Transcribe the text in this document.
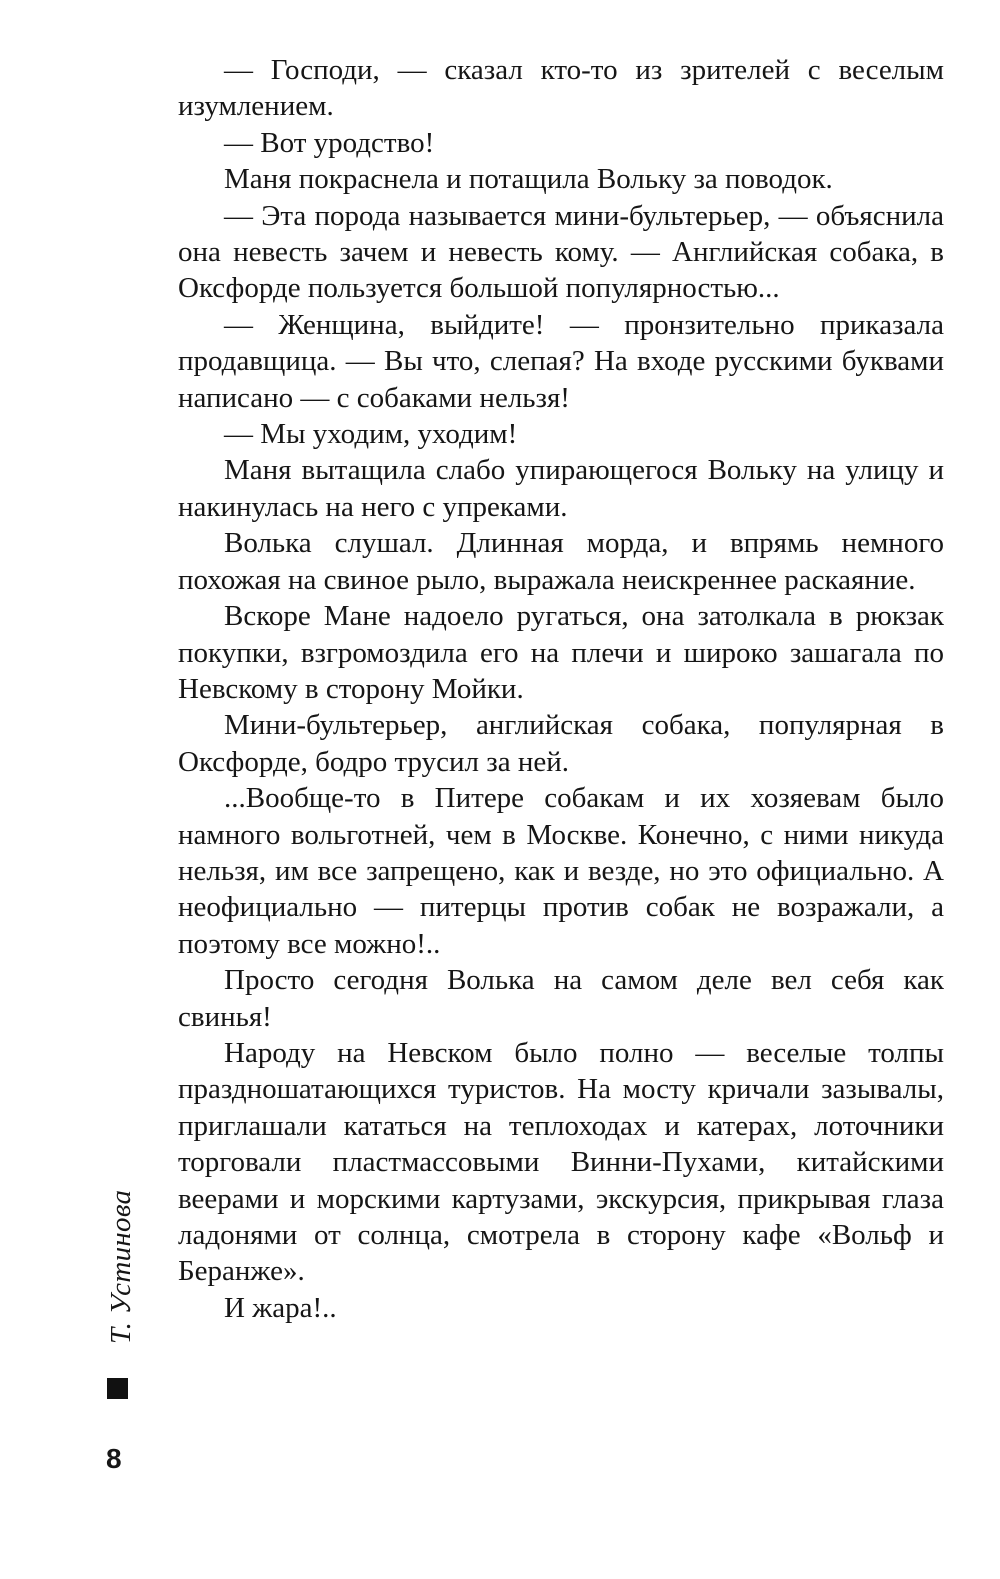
— Господи, — сказал кто-то из зрителей с веселым изумлением.

— Вот уродство!

Маня покраснела и потащила Вольку за поводок.

— Эта порода называется мини-бультерьер, — объяснила она невесть зачем и невесть кому. — Английская собака, в Оксфорде пользуется большой популярностью...

— Женщина, выйдите! — пронзительно приказала продавщица. — Вы что, слепая? На входе русскими буквами написано — с собаками нельзя!

— Мы уходим, уходим!

Маня вытащила слабо упирающегося Вольку на улицу и накинулась на него с упреками.

Волька слушал. Длинная морда, и впрямь немного похожая на свиное рыло, выражала неискреннее раскаяние.

Вскоре Мане надоело ругаться, она затолкала в рюкзак покупки, взгромоздила его на плечи и широко зашагала по Невскому в сторону Мойки.

Мини-бультерьер, английская собака, популярная в Оксфорде, бодро трусил за ней.

...Вообще-то в Питере собакам и их хозяевам было намного вольготней, чем в Москве. Конечно, с ними никуда нельзя, им все запрещено, как и везде, но это официально. А неофициально — питерцы против собак не возражали, а поэтому все можно!..

Просто сегодня Волька на самом деле вел себя как свинья!

Народу на Невском было полно — веселые толпы праздношатающихся туристов. На мосту кричали зазывалы, приглашали кататься на теплоходах и катерах, лоточники торговали пластмассовыми Винни-Пухами, китайскими веерами и морскими картузами, экскурсия, прикрывая глаза ладонями от солнца, смотрела в сторону кафе «Вольф и Беранже».

И жара!..

Т. Устинова
8
